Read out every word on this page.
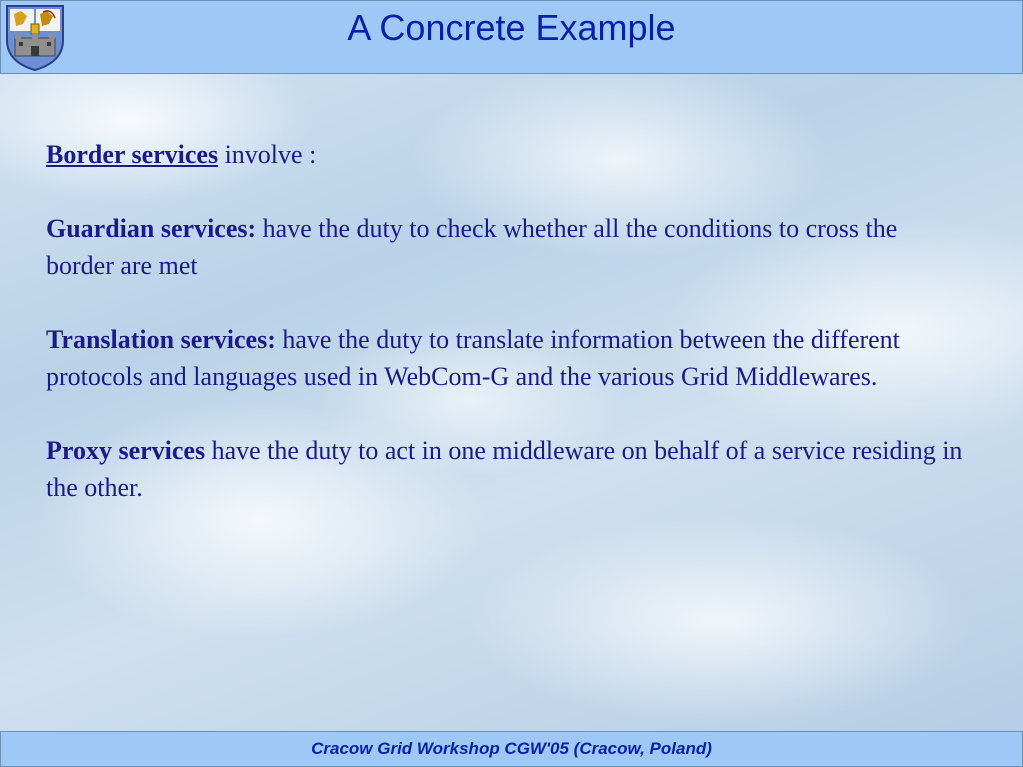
A Concrete Example

Border services involve :

Guardian services: have the duty to check whether all the conditions to cross the border are met

Translation services: have the duty to translate information between the different protocols and languages used in WebCom-G and the various Grid Middlewares.

Proxy services have the duty to act in one middleware on behalf of a service residing in the other.

Cracow Grid Workshop CGW'05 (Cracow, Poland)
